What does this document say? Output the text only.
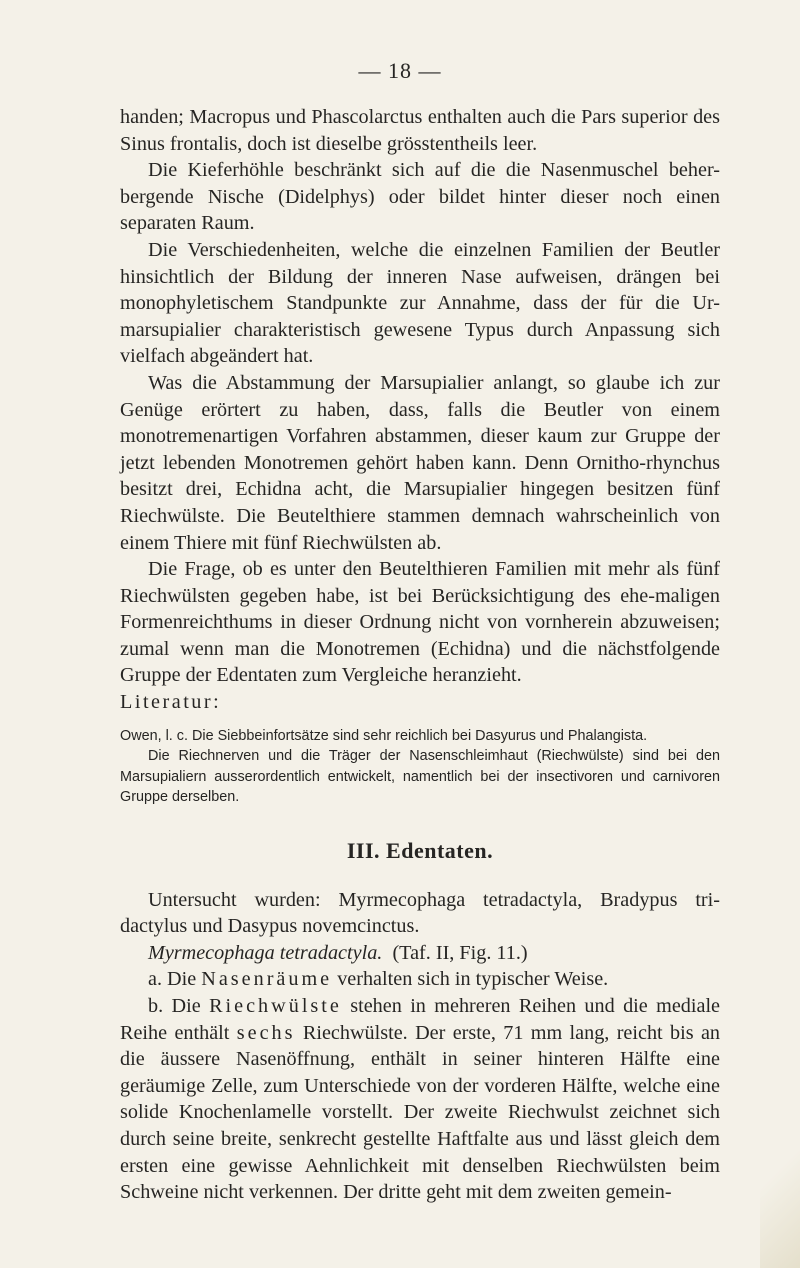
— 18 —

handen; Macropus und Phascolarctus enthalten auch die Pars superior des Sinus frontalis, doch ist dieselbe grösstentheils leer.

Die Kieferhöhle beschränkt sich auf die die Nasenmuschel beher-bergende Nische (Didelphys) oder bildet hinter dieser noch einen separaten Raum.

Die Verschiedenheiten, welche die einzelnen Familien der Beutler hinsichtlich der Bildung der inneren Nase aufweisen, drängen bei monophyletischem Standpunkte zur Annahme, dass der für die Ur-marsupialier charakteristisch gewesene Typus durch Anpassung sich vielfach abgeändert hat.

Was die Abstammung der Marsupialier anlangt, so glaube ich zur Genüge erörtert zu haben, dass, falls die Beutler von einem monotremenartigen Vorfahren abstammen, dieser kaum zur Gruppe der jetzt lebenden Monotremen gehört haben kann. Denn Ornitho-rhynchus besitzt drei, Echidna acht, die Marsupialier hingegen besitzen fünf Riechwülste. Die Beutelthiere stammen demnach wahrscheinlich von einem Thiere mit fünf Riechwülsten ab.

Die Frage, ob es unter den Beutelthieren Familien mit mehr als fünf Riechwülsten gegeben habe, ist bei Berücksichtigung des ehe-maligen Formenreichthums in dieser Ordnung nicht von vornherein abzuweisen; zumal wenn man die Monotremen (Echidna) und die nächstfolgende Gruppe der Edentaten zum Vergleiche heranzieht.

Literatur:

Owen, l. c. Die Siebbeinfortsätze sind sehr reichlich bei Dasyurus und Phalangista.

Die Riechnerven und die Träger der Nasenschleimhaut (Riechwülste) sind bei den Marsupialiern ausserordentlich entwickelt, namentlich bei der insectivoren und carnivoren Gruppe derselben.

III. Edentaten.

Untersucht wurden: Myrmecophaga tetradactyla, Bradypus tri-dactylus und Dasypus novemcinctus.

Myrmecophaga tetradactyla. (Taf. II, Fig. 11.)

a. Die Nasenräume verhalten sich in typischer Weise.

b. Die Riechwülste stehen in mehreren Reihen und die mediale Reihe enthält sechs Riechwülste. Der erste, 71 mm lang, reicht bis an die äussere Nasenöffnung, enthält in seiner hinteren Hälfte eine geräumige Zelle, zum Unterschiede von der vorderen Hälfte, welche eine solide Knochenlamelle vorstellt. Der zweite Riechwulst zeichnet sich durch seine breite, senkrecht gestellte Haftfalte aus und lässt gleich dem ersten eine gewisse Aehnlichkeit mit denselben Riechwülsten beim Schweine nicht verkennen. Der dritte geht mit dem zweiten gemein-
